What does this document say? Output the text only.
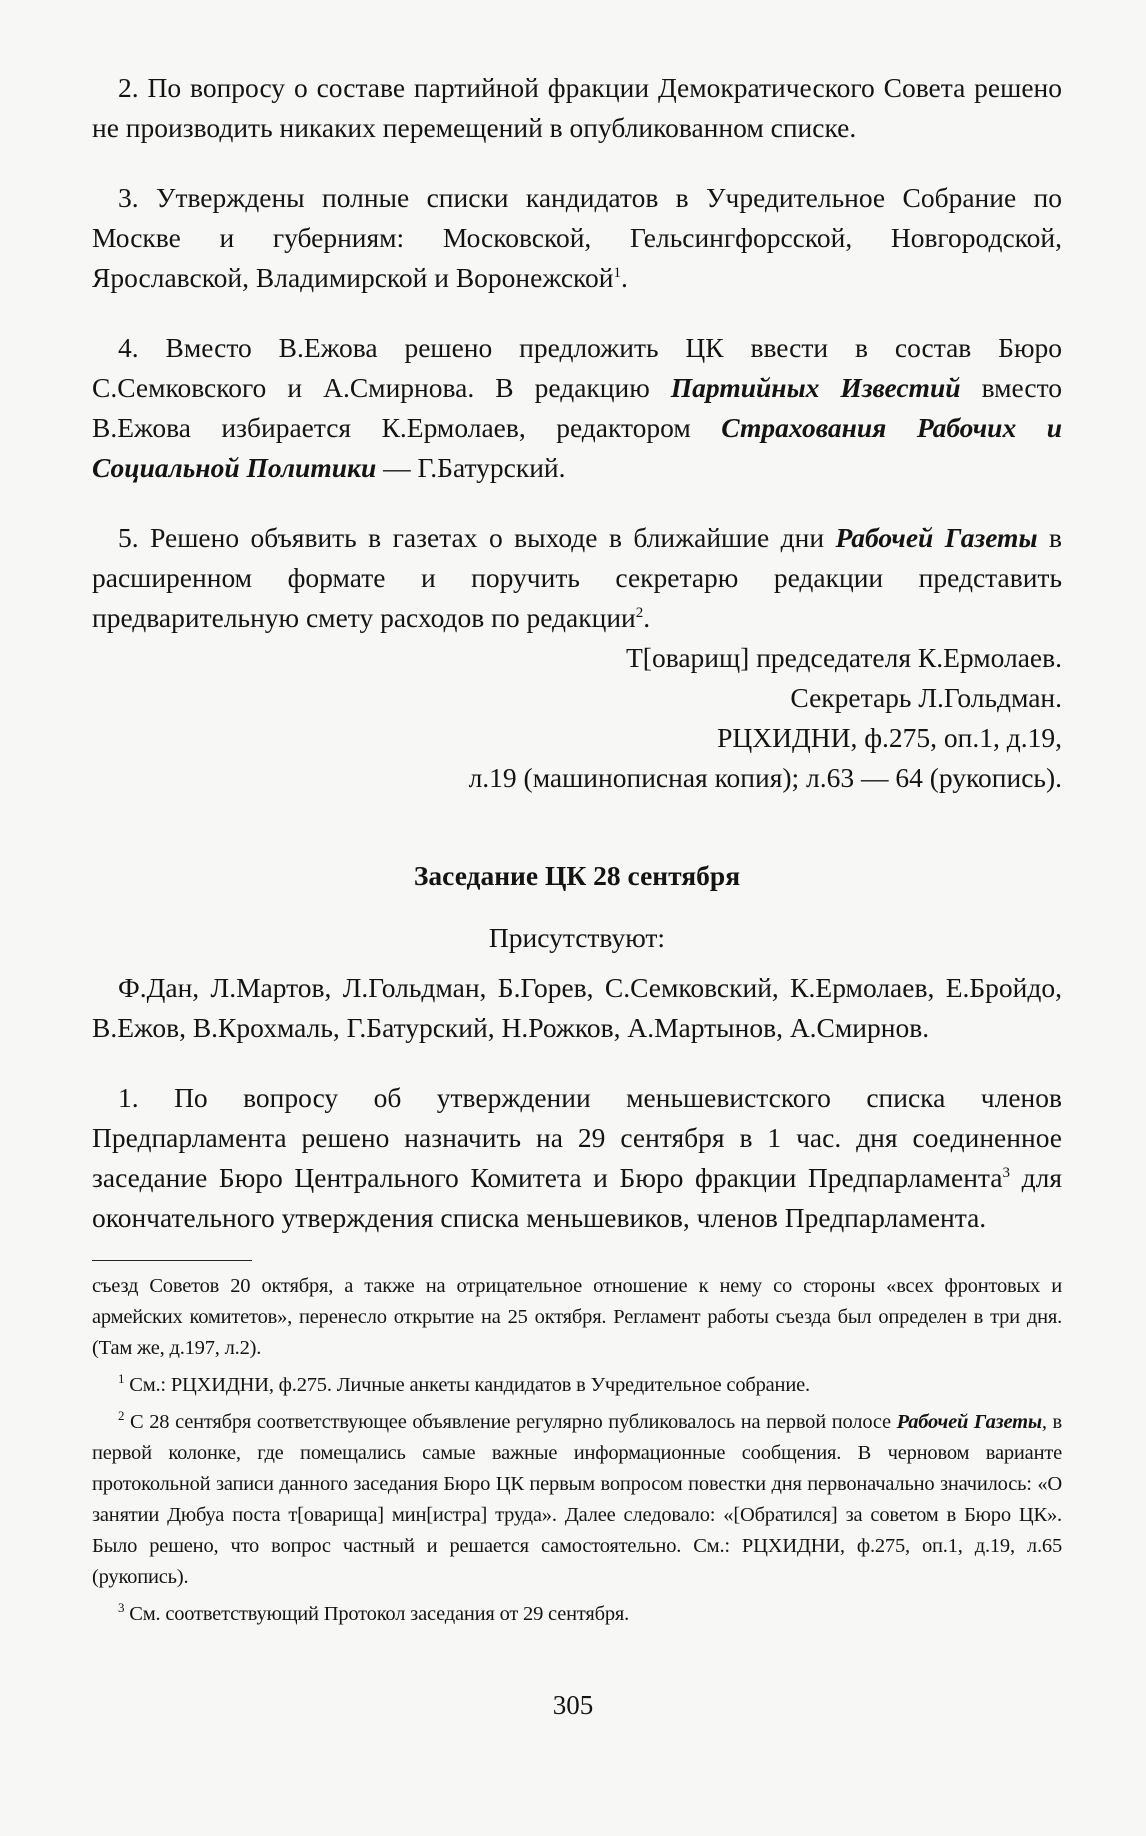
2. По вопросу о составе партийной фракции Демократического Совета решено не производить никаких перемещений в опубликованном списке.

3. Утверждены полные списки кандидатов в Учредительное Собрание по Москве и губерниям: Московской, Гельсингфорсской, Новгородской, Ярославской, Владимирской и Воронежской$^1$.

4. Вместо В.Ежова решено предложить ЦК ввести в состав Бюро С.Семковского и А.Смирнова. В редакцию Партийных Известий вместо В.Ежова избирается К.Ермолаев, редактором Страхования Рабочих и Социальной Политики — Г.Батурский.

5. Решено объявить в газетах о выходе в ближайшие дни Рабочей Газеты в расширенном формате и поручить секретарю редакции представить предварительную смету расходов по редакции$^2$.

Т[оварищ] председателя К.Ермолаев.

Секретарь Л.Гольдман.

РЦХИДНИ, ф.275, оп.1, д.19,

л.19 (машинописная копия); л.63 — 64 (рукопись).

Заседание ЦК 28 сентября

Присутствуют:

Ф.Дан, Л.Мартов, Л.Гольдман, Б.Горев, С.Семковский, К.Ермолаев, Е.Бройдо, В.Ежов, В.Крохмаль, Г.Батурский, Н.Рожков, А.Мартынов, А.Смирнов.

1. По вопросу об утверждении меньшевистского списка членов Предпарламента решено назначить на 29 сентября в 1 час. дня соединенное заседание Бюро Центрального Комитета и Бюро фракции Предпарламента$^3$ для окончательного утверждения списка меньшевиков, членов Предпарламента.

съезд Советов 20 октября, а также на отрицательное отношение к нему со стороны «всех фронтовых и армейских комитетов», перенесло открытие на 25 октября. Регламент работы съезда был определен в три дня. (Там же, д.197, л.2).

$^1$ См.: РЦХИДНИ, ф.275. Личные анкеты кандидатов в Учредительное собрание.

$^2$ С 28 сентября соответствующее объявление регулярно публиковалось на первой полосе Рабочей Газеты, в первой колонке, где помещались самые важные информационные сообщения. В черновом варианте протокольной записи данного заседания Бюро ЦК первым вопросом повестки дня первоначально значилось: «О занятии Дюбуа поста т[оварища] мин[истра] труда». Далее следовало: «[Обратился] за советом в Бюро ЦК». Было решено, что вопрос частный и решается самостоятельно. См.: РЦХИДНИ, ф.275, оп.1, д.19, л.65 (рукопись).

$^3$ См. соответствующий Протокол заседания от 29 сентября.

305
